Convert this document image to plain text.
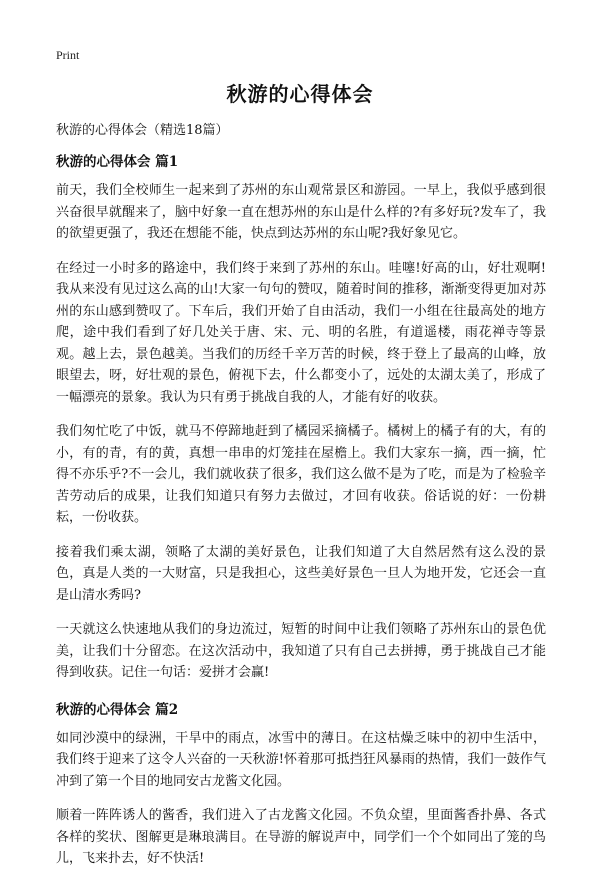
Print
秋游的心得体会
秋游的心得体会（精选18篇）
秋游的心得体会 篇1

前天，我们全校师生一起来到了苏州的东山观常景区和游园。一早上，我似乎感到很兴奋很早就醒来了，脑中好象一直在想苏州的东山是什么样的?有多好玩?发车了，我的欲望更强了，我还在想能不能，快点到达苏州的东山呢?我好象见它。

在经过一小时多的路途中，我们终于来到了苏州的东山。哇噻!好高的山，好壮观啊!我从来没有见过这么高的山!大家一句句的赞叹，随着时间的推移，渐渐变得更加对苏州的东山感到赞叹了。下车后，我们开始了自由活动，我们一小组在往最高处的地方爬，途中我们看到了好几处关于唐、宋、元、明的名胜，有道遥楼，雨花禅寺等景观。越上去，景色越美。当我们的历经千辛万苦的时候，终于登上了最高的山峰，放眼望去，呀，好壮观的景色，俯视下去，什么都变小了，远处的太湖太美了，形成了一幅漂亮的景象。我认为只有勇于挑战自我的人，才能有好的收获。

我们匆忙吃了中饭，就马不停蹄地赶到了橘园采摘橘子。橘树上的橘子有的大，有的小，有的青，有的黄，真想一串串的灯笼挂在屋檐上。我们大家东一摘，西一摘，忙得不亦乐乎?不一会儿，我们就收获了很多，我们这么做不是为了吃，而是为了检验辛苦劳动后的成果，让我们知道只有努力去做过，才回有收获。俗话说的好：一份耕耘，一份收获。

接着我们乘太湖，领略了太湖的美好景色，让我们知道了大自然居然有这么没的景色，真是人类的一大财富，只是我担心，这些美好景色一旦人为地开发，它还会一直是山清水秀吗?

一天就这么快速地从我们的身边流过，短暂的时间中让我们领略了苏州东山的景色优美，让我们十分留恋。在这次活动中，我知道了只有自己去拼搏，勇于挑战自己才能得到收获。记住一句话：爱拼才会赢!

秋游的心得体会 篇2

如同沙漠中的绿洲，干旱中的雨点，冰雪中的薄日。在这枯燥乏味中的初中生活中，我们终于迎来了这令人兴奋的一天秋游!怀着那可抵挡狂风暴雨的热情，我们一鼓作气冲到了第一个目的地同安古龙酱文化园。

顺着一阵阵诱人的酱香，我们进入了古龙酱文化园。不负众望，里面酱香扑鼻、各式各样的奖状、图解更是琳琅满目。在导游的解说声中，同学们一个个如同出了笼的鸟儿，飞来扑去，好不快活!
